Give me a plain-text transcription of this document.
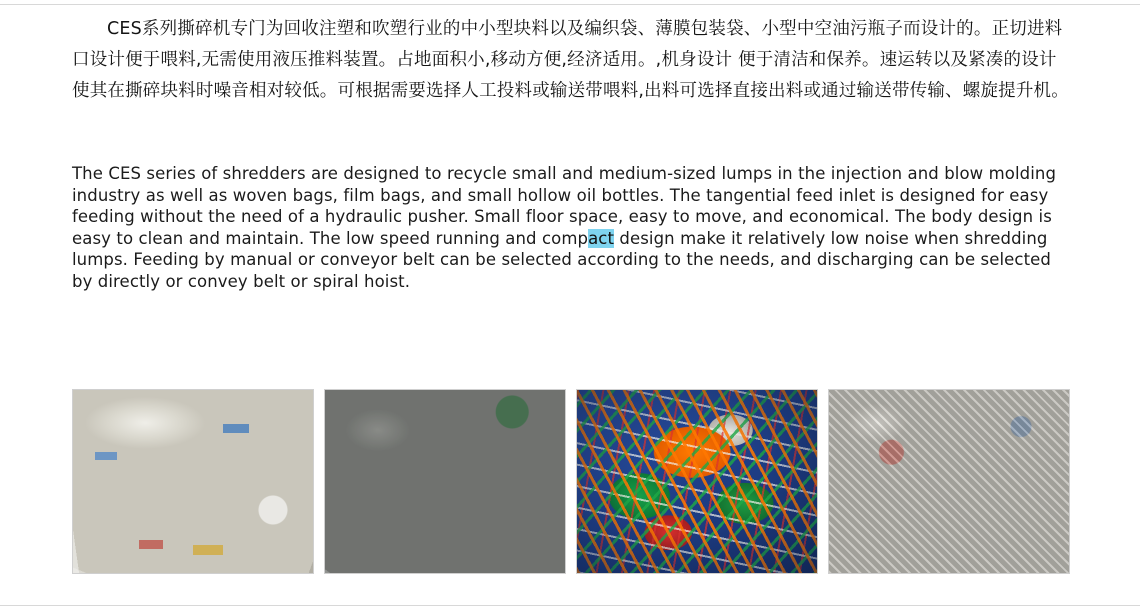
CES系列撕碎机专门为回收注塑和吹塑行业的中小型块料以及编织袋、薄膜包装袋、小型中空油污瓶子而设计的。正切进料口设计便于喂料,无需使用液压推料装置。占地面积小,移动方便,经济适用。,机身设计 便于清洁和保养。速运转以及紧凑的设计使其在撕碎块料时噪音相对较低。可根据需要选择人工投料或输送带喂料,出料可选择直接出料或通过输送带传输、螺旋提升机。

The CES series of shredders are designed to recycle small and medium-sized lumps in the injection and blow molding industry as well as woven bags, film bags, and small hollow oil bottles. The tangential feed inlet is designed for easy feeding without the need of a hydraulic pusher. Small floor space, easy to move, and economical. The body design is easy to clean and maintain. The low speed running and compact design make it relatively low noise when shredding lumps. Feeding by manual or conveyor belt can be selected according to the needs, and discharging can be selected by directly or convey belt or spiral hoist.
